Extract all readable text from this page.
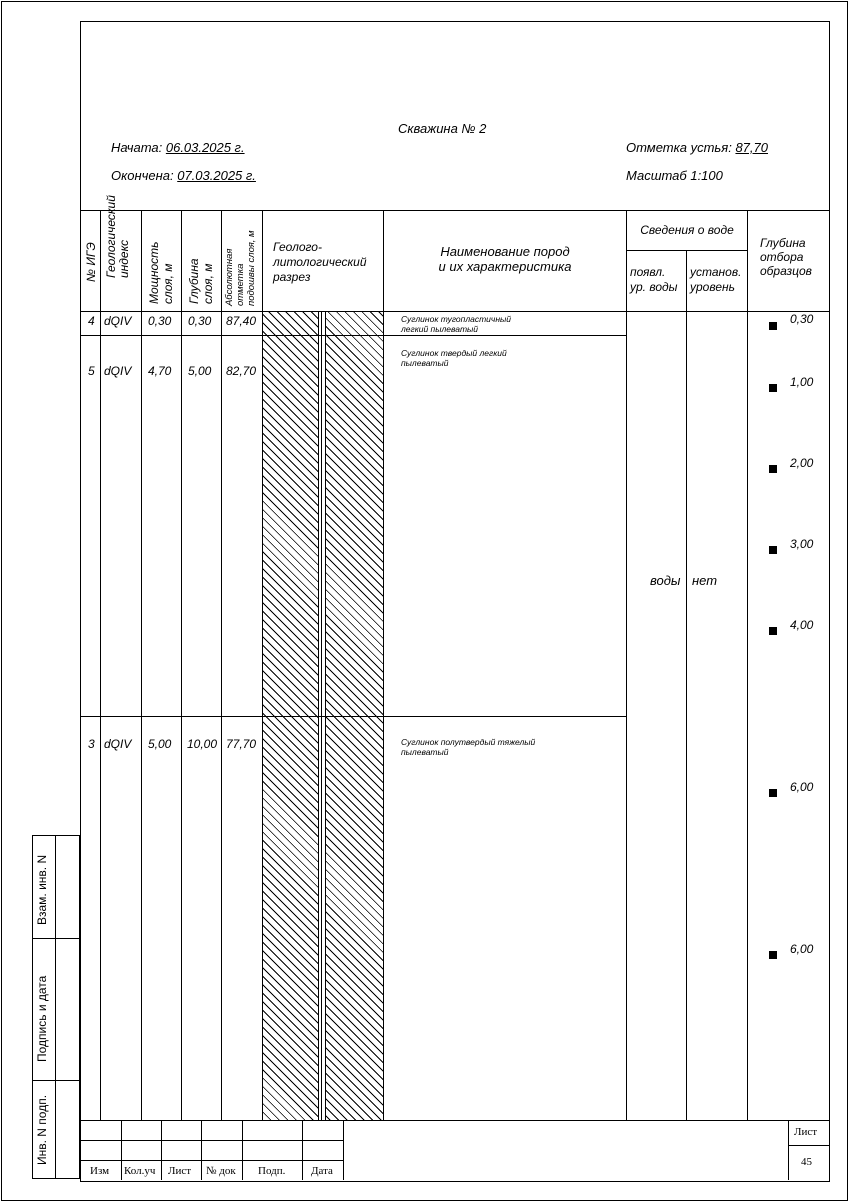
Скважина № 2
Начата: 06.03.2025 г.
Окончена: 07.03.2025 г.
Отметка устья: 87,70
Масштаб 1:100
№ ИГЭ Геологический индекс Мощность слоя, м Глубина слоя, м Абсолютная отметка подошвы слоя, м Геолого-
литологический
разрез
Наименование пород
и их характеристика
Сведения о воде
появл.
ур. воды
установ.
уровень
Глубина
отбора
образцов
4 dQIV 0,30 0,30 87,40	Суглинок тугопластичный
легкий пылеватый
5 dQIV 4,70 5,00 82,70
Суглинок твердый легкий
пылеватый
3 dQIV 5,00 10,00 77,70	Суглинок полутвердый тяжелый
пылеватый
воды нет
0,30
1,00
2,00
3,00
4,00
6,00
6,00
Взам. инв. N
Подпись и дата
Инв. N подп.
Изм Кол.уч Лист № док Подп. Дата
Лист
45
